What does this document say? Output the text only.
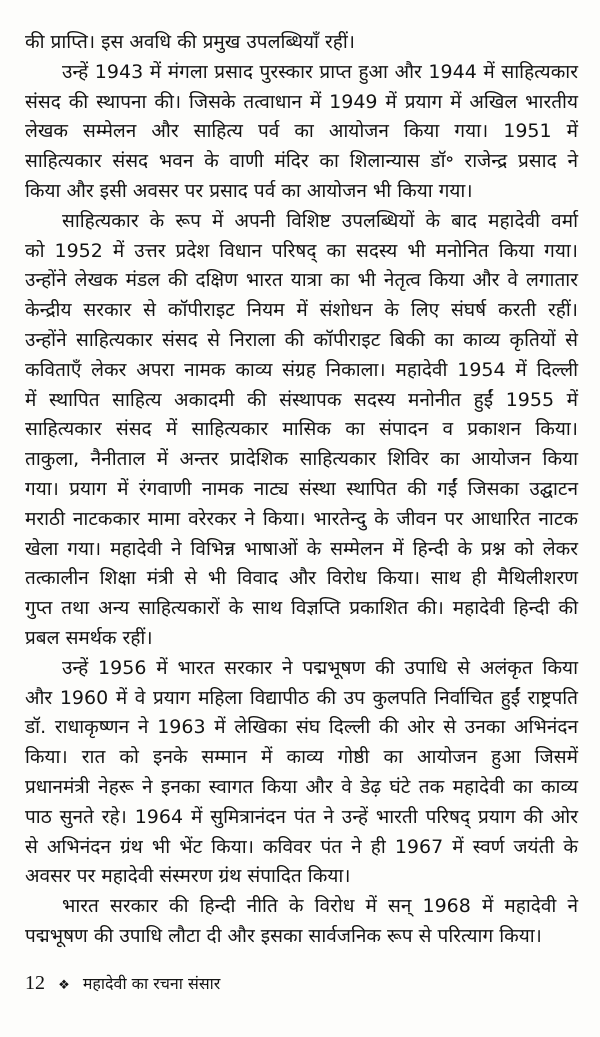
की प्राप्ति। इस अवधि की प्रमुख उपलब्धियाँ रहीं।
उन्हें 1943 में मंगला प्रसाद पुरस्कार प्राप्त हुआ और 1944 में साहित्यकार
संसद की स्थापना की। जिसके तत्वाधान में 1949 में प्रयाग में अखिल भारतीय
लेखक सम्मेलन और साहित्य पर्व का आयोजन किया गया। 1951 में
साहित्यकार संसद भवन के वाणी मंदिर का शिलान्यास डॉ॰ राजेन्द्र प्रसाद ने
किया और इसी अवसर पर प्रसाद पर्व का आयोजन भी किया गया।
साहित्यकार के रूप में अपनी विशिष्ट उपलब्धियों के बाद महादेवी वर्मा
को 1952 में उत्तर प्रदेश विधान परिषद् का सदस्य भी मनोनित किया गया।
उन्होंने लेखक मंडल की दक्षिण भारत यात्रा का भी नेतृत्व किया और वे लगातार
केन्द्रीय सरकार से कॉपीराइट नियम में संशोधन के लिए संघर्ष करती रहीं।
उन्होंने साहित्यकार संसद से निराला की कॉपीराइट बिकी का काव्य कृतियों से
कविताएँ लेकर अपरा नामक काव्य संग्रह निकाला। महादेवी 1954 में दिल्ली
में स्थापित साहित्य अकादमी की संस्थापक सदस्य मनोनीत हुईं 1955 में
साहित्यकार संसद में साहित्यकार मासिक का संपादन व प्रकाशन किया।
ताकुला, नैनीताल में अन्तर प्रादेशिक साहित्यकार शिविर का आयोजन किया
गया। प्रयाग में रंगवाणी नामक नाट्य संस्था स्थापित की गईं जिसका उद्घाटन
मराठी नाटककार मामा वरेरकर ने किया। भारतेन्दु के जीवन पर आधारित नाटक
खेला गया। महादेवी ने विभिन्न भाषाओं के सम्मेलन में हिन्दी के प्रश्न को लेकर
तत्कालीन शिक्षा मंत्री से भी विवाद और विरोध किया। साथ ही मैथिलीशरण
गुप्त तथा अन्य साहित्यकारों के साथ विज्ञप्ति प्रकाशित की। महादेवी हिन्दी की
प्रबल समर्थक रहीं।
उन्हें 1956 में भारत सरकार ने पद्मभूषण की उपाधि से अलंकृत किया
और 1960 में वे प्रयाग महिला विद्यापीठ की उप कुलपति निर्वाचित हुईं राष्ट्रपति
डॉ. राधाकृष्णन ने 1963 में लेखिका संघ दिल्ली की ओर से उनका अभिनंदन
किया। रात को इनके सम्मान में काव्य गोष्ठी का आयोजन हुआ जिसमें
प्रधानमंत्री नेहरू ने इनका स्वागत किया और वे डेढ़ घंटे तक महादेवी का काव्य
पाठ सुनते रहे। 1964 में सुमित्रानंदन पंत ने उन्हें भारती परिषद् प्रयाग की ओर
से अभिनंदन ग्रंथ भी भेंट किया। कविवर पंत ने ही 1967 में स्वर्ण जयंती के
अवसर पर महादेवी संस्मरण ग्रंथ संपादित किया।
भारत सरकार की हिन्दी नीति के विरोध में सन् 1968 में महादेवी ने
पद्मभूषण की उपाधि लौटा दी और इसका सार्वजनिक रूप से परित्याग किया।
12 ❖ महादेवी का रचना संसार
